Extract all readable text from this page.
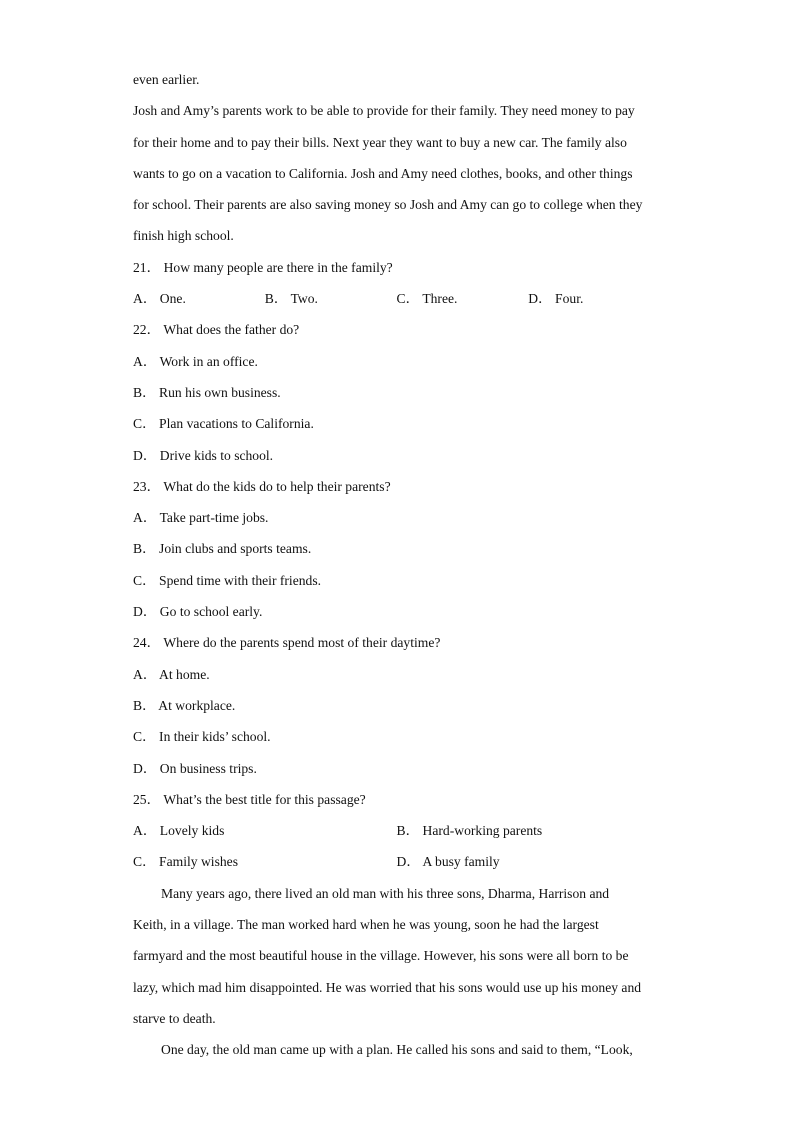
even earlier.
Josh and Amy’s parents work to be able to provide for their family. They need money to pay
for their home and to pay their bills. Next year they want to buy a new car. The family also
wants to go on a vacation to California. Josh and Amy need clothes, books, and other things
for school. Their parents are also saving money so Josh and Amy can go to college when they
finish high school.
21． How many people are there in the family?
A． One.	B． Two.	C． Three.	D． Four.
22． What does the father do?
A． Work in an office.
B． Run his own business.
C． Plan vacations to California.
D． Drive kids to school.
23． What do the kids do to help their parents?
A． Take part-time jobs.
B． Join clubs and sports teams.
C． Spend time with their friends.
D． Go to school early.
24． Where do the parents spend most of their daytime?
A． At home.
B． At workplace.
C． In their kids’ school.
D． On business trips.
25． What’s the best title for this passage?
A． Lovely kids	B． Hard-working parents
C． Family wishes	D． A busy family
Many years ago, there lived an old man with his three sons, Dharma, Harrison and
Keith, in a village. The man worked hard when he was young, soon he had the largest
farmyard and the most beautiful house in the village. However, his sons were all born to be
lazy, which mad him disappointed. He was worried that his sons would use up his money and
starve to death.
One day, the old man came up with a plan. He called his sons and said to them, “Look,
